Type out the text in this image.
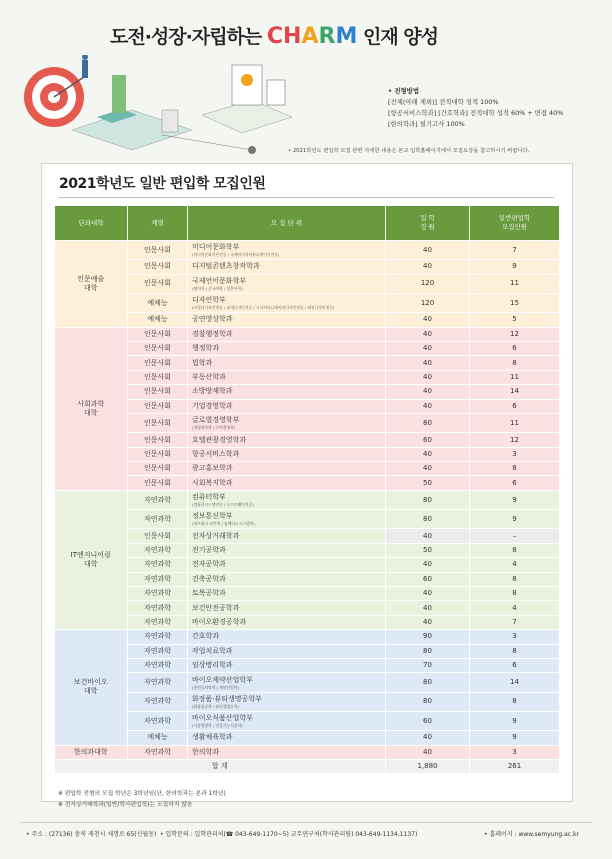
도전·성장·자립하는 CHARM 인재 양성
• 전형방법
[전체(아래 제외)] 전적대학 성적 100%
[항공서비스학과] [간호학과] 전적대학 성적 60% + 면접 40%
[한의학과] 필기고사 100%
• 2021학년도 편입학 모집 관련 자세한 내용은 본교 입학홈페이지에서 모집요강을 참고하시기 바랍니다.
2021학년도 일반 편입학 모집인원
단과대학	계열	모 집 단 위	입 학
정 원	일반편입학
모집인원
인문예술
대학	인문사회	미디어문화학부
(미디어문화이론전공 / 국제이미지커뮤니케이션전공)	40	7
	인문사회	디지털콘텐츠창작학과	40	9
	인문사회	국제언어문화학부
(영어학 / 중국어학 / 일본어학)	120	11
	예체능	디자인학부
(모빌리디자인전공 / 실내디자인전공 / 시각커뮤니케이션디자인전공 / 패션디자인전공)	120	15
	예체능	공연영상학과	40	5
사회과학
대학	인문사회	경찰행정학과	40	12
	인문사회	행정학과	40	6
	인문사회	법학과	40	8
	인문사회	부동산학과	40	11
	인문사회	소방방재학과	40	14
	인문사회	기업경영학과	40	6
	인문사회	글로벌경영학부
(경영정보학 / 무역경영학)	80	11
	인문사회	호텔관광경영학과	60	12
	인문사회	항공서비스학과	40	3
	인문사회	광고홍보학과	40	8
	인문사회	사회복지학과	50	6
IT엔지니어링
대학	자연과학	컴퓨터학부
(컴퓨터시스템전공 / 소프트웨어전공)	80	9
	자연과학	정보통신학부
(네트워크·보안학 / 임베디드시스템학)	80	9
	인문사회	전자상거래학과	40	–
	자연과학	전기공학과	50	8
	자연과학	전자공학과	40	4
	자연과학	건축공학과	60	8
	자연과학	토목공학과	40	8
	자연과학	보건안전공학과	40	4
	자연과학	바이오환경공학과	40	7
보건바이오
대학	자연과학	간호학과	90	3
	자연과학	작업치료학과	80	8
	자연과학	임상병리학과	70	6
	자연과학	바이오제약산업학부
(천연물의약학 / 제약산업학)	80	14
	자연과학	화장품·뷰티생명공학부
(화장품공학 / 뷰티생명공학)	80	8
	자연과학	바이오식품산업학부
(식품영양학 / 건강기능식품학)	60	9
	예체능	생활체육학과	40	9
한의과대학	자연과학	한의학과	40	3
합 계			1,880	261
※ 편입학 전형의 모집 학년은 3학년임(단, 한의학과는 본과 1학년)
※ 전자상거래학과(일반/학사편입학)는 모집하지 않음
• 주소 : (27136) 충북 제천시 세명로 65(신월동) • 입학문의 : 입학관리처(☎ 043-649-1170~5) 교무연구처(학사관리팀) 043-649-1134,1137)	• 홈페이지 : www.semyung.ac.kr
